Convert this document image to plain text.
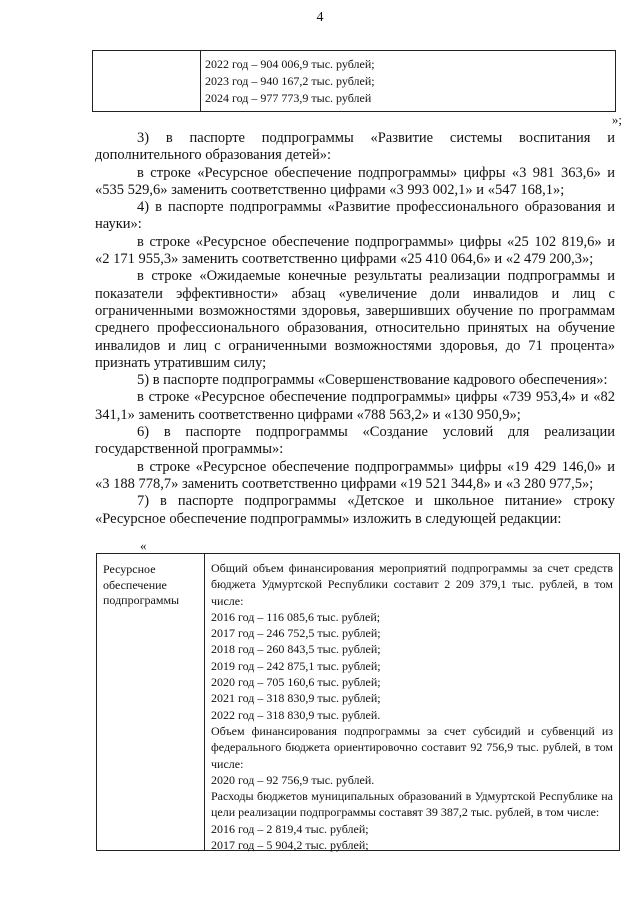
4
2022 год – 904 006,9 тыс. рублей;
2023 год – 940 167,2 тыс. рублей;
2024 год – 977 773,9 тыс. рублей
»;

3) в паспорте подпрограммы «Развитие системы воспитания и дополнительного образования детей»:

в строке «Ресурсное обеспечение подпрограммы» цифры «3 981 363,6» и «535 529,6» заменить соответственно цифрами «3 993 002,1» и «547 168,1»;

4) в паспорте подпрограммы «Развитие профессионального образования и науки»:

в строке «Ресурсное обеспечение подпрограммы» цифры «25 102 819,6» и «2 171 955,3» заменить соответственно цифрами «25 410 064,6» и «2 479 200,3»;

в строке «Ожидаемые конечные результаты реализации подпрограммы и показатели эффективности» абзац «увеличение доли инвалидов и лиц с ограниченными возможностями здоровья, завершивших обучение по программам среднего профессионального образования, относительно принятых на обучение инвалидов и лиц с ограниченными возможностями здоровья, до 71 процента» признать утратившим силу;

5) в паспорте подпрограммы «Совершенствование кадрового обеспечения»:

в строке «Ресурсное обеспечение подпрограммы» цифры «739 953,4» и «82 341,1» заменить соответственно цифрами «788 563,2» и «130 950,9»;

6) в паспорте подпрограммы «Создание условий для реализации государственной программы»:

в строке «Ресурсное обеспечение подпрограммы» цифры «19 429 146,0» и «3 188 778,7» заменить соответственно цифрами «19 521 344,8» и «3 280 977,5»;

7) в паспорте подпрограммы «Детское и школьное питание» строку «Ресурсное обеспечение подпрограммы» изложить в следующей редакции:

«
Ресурсное обеспечение подпрограммы
Общий объем финансирования мероприятий подпрограммы за счет средств бюджета Удмуртской Республики составит 2 209 379,1 тыс. рублей, в том числе:
2016 год – 116 085,6 тыс. рублей;
2017 год – 246 752,5 тыс. рублей;
2018 год – 260 843,5 тыс. рублей;
2019 год – 242 875,1 тыс. рублей;
2020 год – 705 160,6 тыс. рублей;
2021 год – 318 830,9 тыс. рублей;
2022 год – 318 830,9 тыс. рублей.
Объем финансирования подпрограммы за счет субсидий и субвенций из федерального бюджета ориентировочно составит 92 756,9 тыс. рублей, в том числе:
2020 год – 92 756,9 тыс. рублей.
Расходы бюджетов муниципальных образований в Удмуртской Республике на цели реализации подпрограммы составят 39 387,2 тыс. рублей, в том числе:
2016 год – 2 819,4 тыс. рублей;
2017 год – 5 904,2 тыс. рублей;
